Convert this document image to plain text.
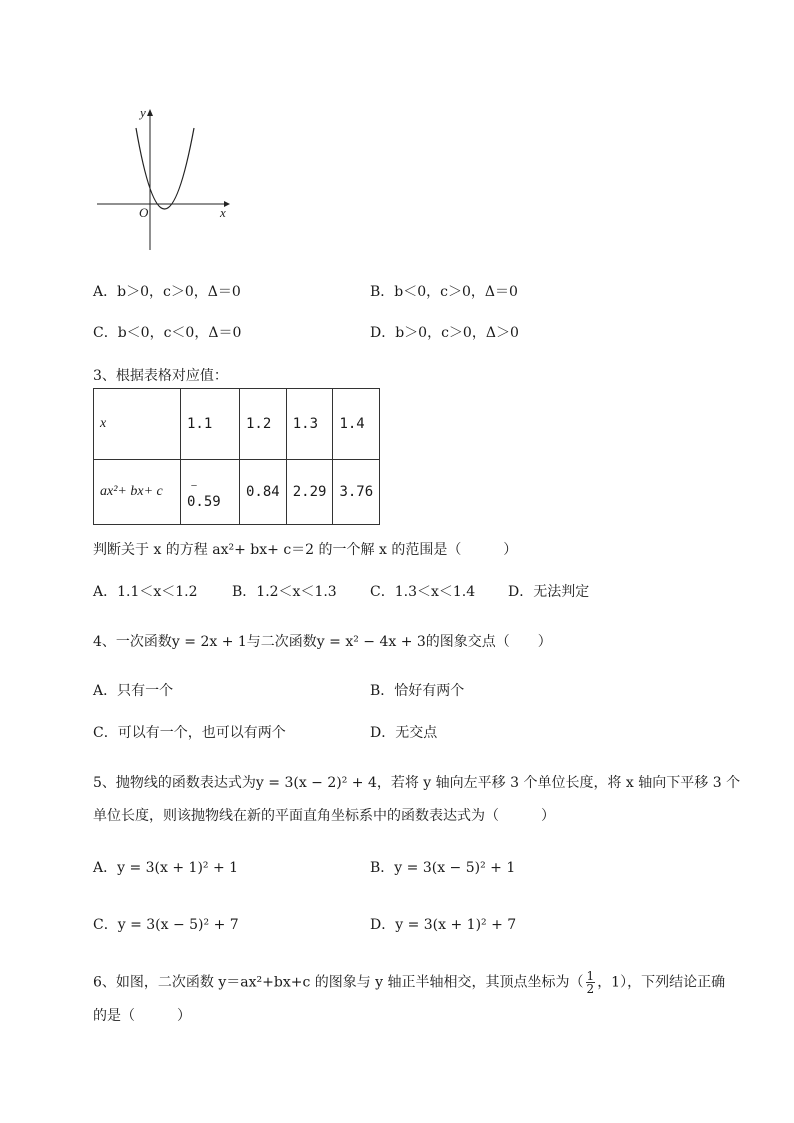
y
x
O
A．b＞0，c＞0，Δ＝0	B．b＜0，c＞0，Δ＝0
C．b＜0，c＜0，Δ＝0	D．b＞0，c＞0，Δ＞0
3、根据表格对应值：
x	1.1	1.2	1.3	1.4
ax²+ bx+ c	﹣0.59	0.84	2.29	3.76
判断关于 x 的方程 ax²+ bx+ c＝2 的一个解 x 的范围是（　　　）
A．1.1＜x＜1.2 B．1.2＜x＜1.3 C．1.3＜x＜1.4 D．无法判定
4、一次函数y = 2x + 1与二次函数y = x² − 4x + 3的图象交点（　　）
A．只有一个	B．恰好有两个
C．可以有一个，也可以有两个	D．无交点
5、抛物线的函数表达式为y = 3(x − 2)² + 4，若将 y 轴向左平移 3 个单位长度，将 x 轴向下平移 3 个
单位长度，则该抛物线在新的平面直角坐标系中的函数表达式为（　　　）
A．y = 3(x + 1)² + 1	B．y = 3(x − 5)² + 1
C．y = 3(x − 5)² + 7	D．y = 3(x + 1)² + 7
6、如图，二次函数 y＝ax²+bx+c 的图象与 y 轴正半轴相交，其顶点坐标为（ $\frac{1}{2}$ ，1），下列结论正确
的是（　　　）
